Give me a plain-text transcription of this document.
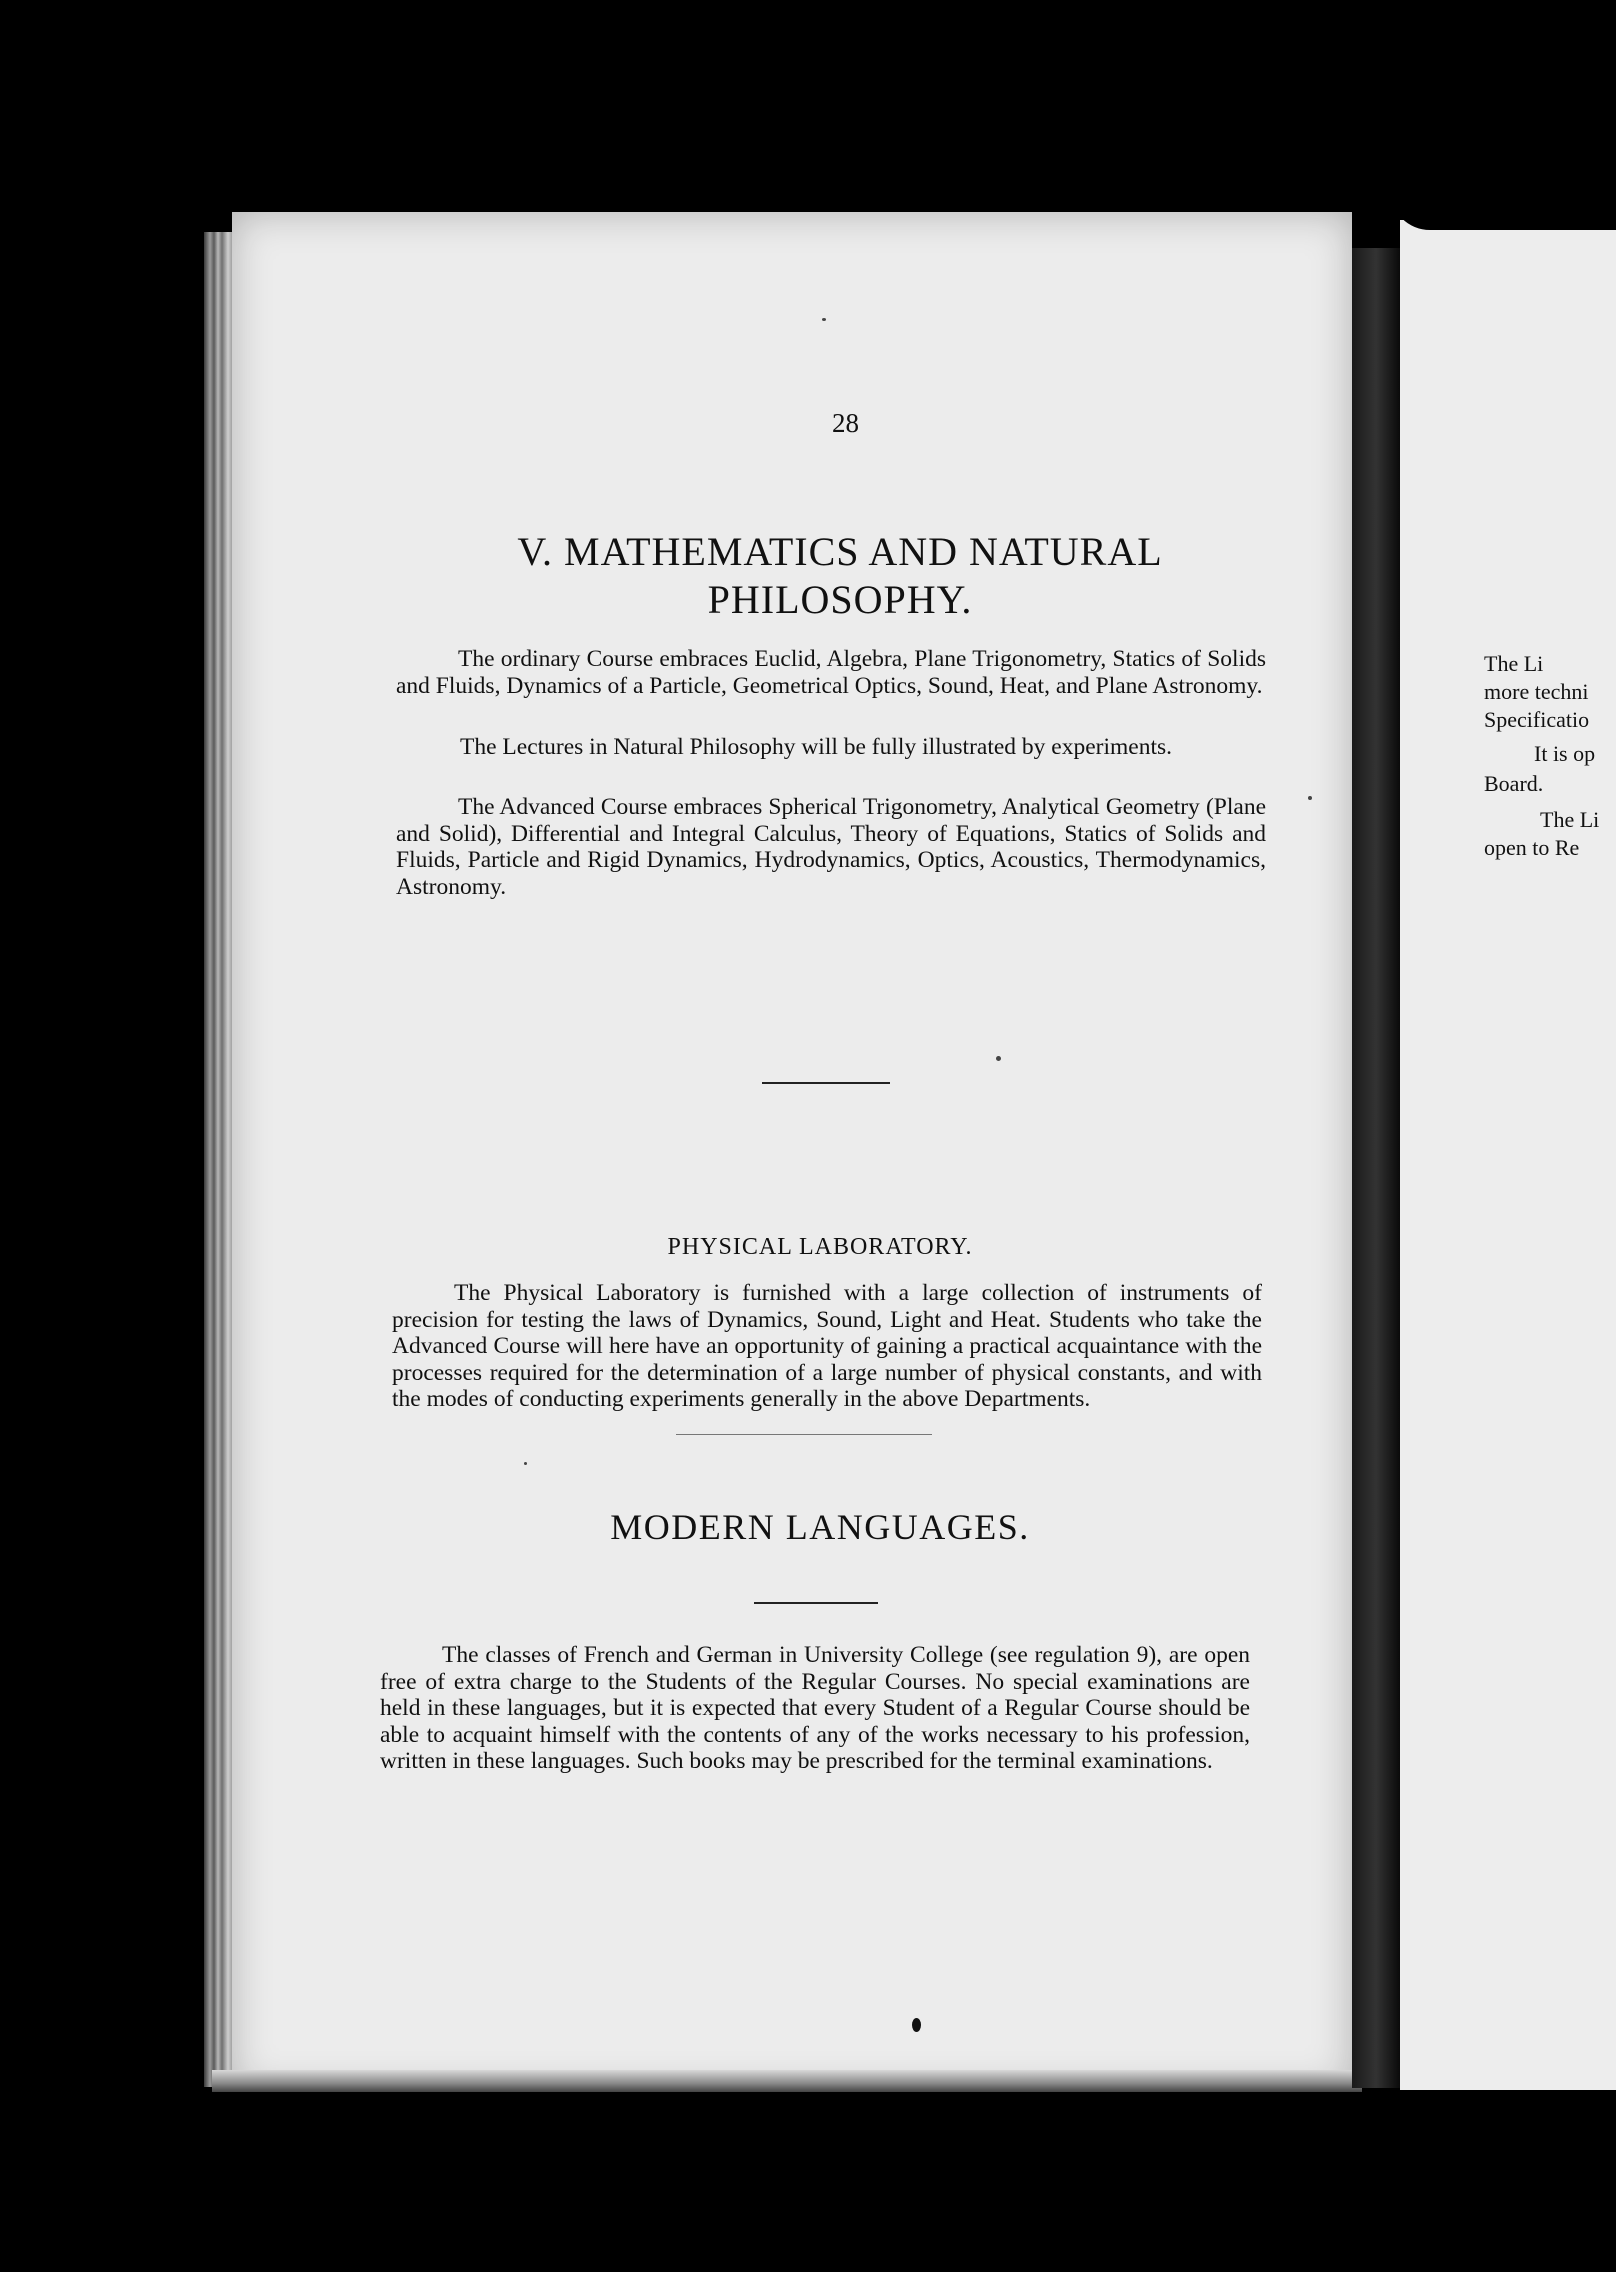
28
V. MATHEMATICS AND NATURAL
PHILOSOPHY.

The ordinary Course embraces Euclid, Algebra, Plane Trigonometry, Statics of Solids and Fluids, Dynamics of a Particle, Geometrical Optics, Sound, Heat, and Plane Astronomy.

The Lectures in Natural Philosophy will be fully illustrated by experiments.

The Advanced Course embraces Spherical Trigonometry, Analytical Geometry (Plane and Solid), Differential and Integral Calculus, Theory of Equations, Statics of Solids and Fluids, Particle and Rigid Dynamics, Hydrodynamics, Optics, Acoustics, Thermodynamics, Astronomy.

PHYSICAL LABORATORY.

The Physical Laboratory is furnished with a large collection of instruments of precision for testing the laws of Dynamics, Sound, Light and Heat. Students who take the Advanced Course will here have an opportunity of gaining a practical acquaintance with the processes required for the determination of a large number of physical constants, and with the modes of conducting experiments generally in the above Departments.

MODERN LANGUAGES.

The classes of French and German in University College (see regulation 9), are open free of extra charge to the Students of the Regular Courses. No special examinations are held in these languages, but it is expected that every Student of a Regular Course should be able to acquaint himself with the contents of any of the works necessary to his profession, written in these languages. Such books may be prescribed for the terminal examinations.

The Li
more techni
Specificatio
It is op
Board.
The Li
open to Re
